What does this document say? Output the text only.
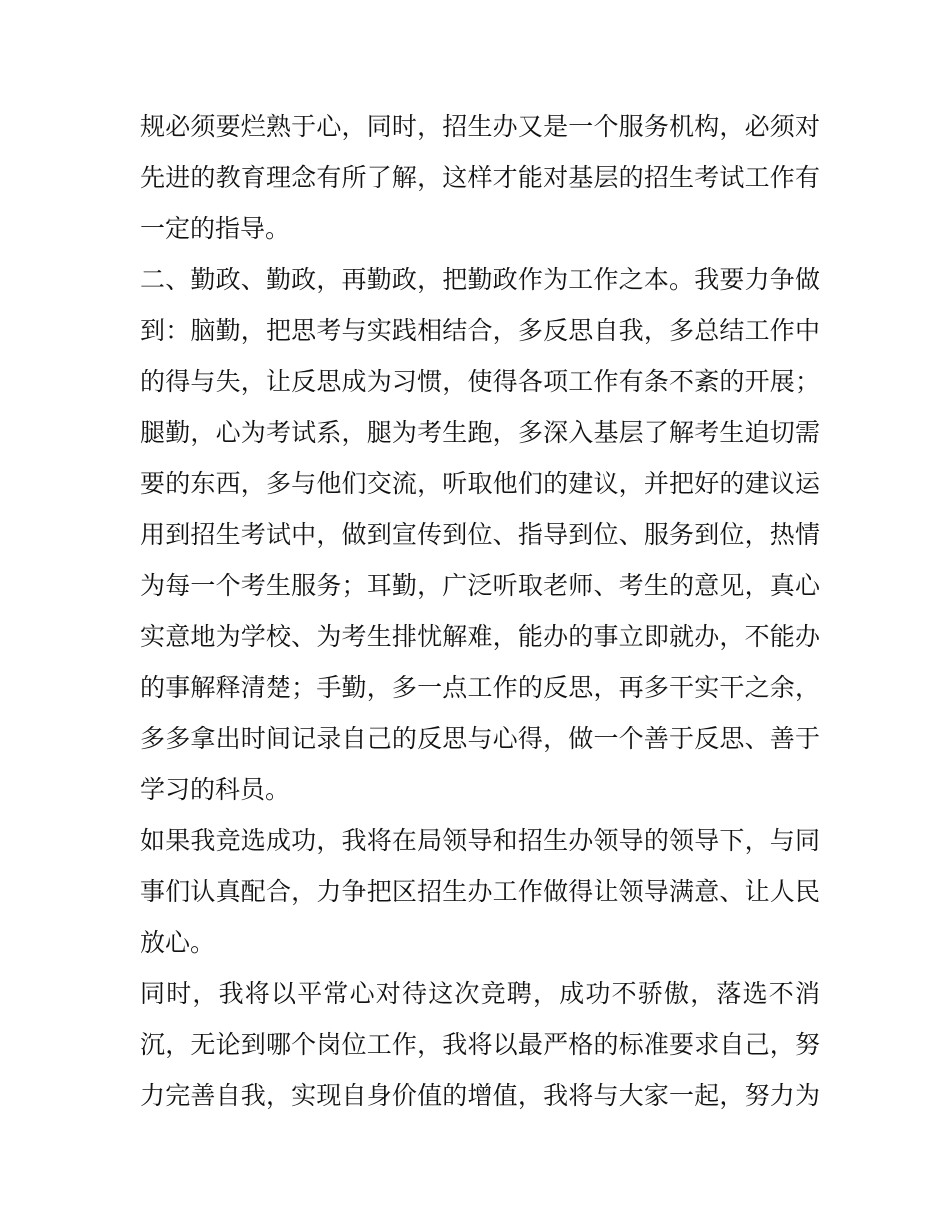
规必须要烂熟于心，同时，招生办又是一个服务机构，必须对
先进的教育理念有所了解，这样才能对基层的招生考试工作有
一定的指导。
二、勤政、勤政，再勤政，把勤政作为工作之本。我要力争做
到：脑勤，把思考与实践相结合，多反思自我，多总结工作中
的得与失，让反思成为习惯，使得各项工作有条不紊的开展；
腿勤，心为考试系，腿为考生跑，多深入基层了解考生迫切需
要的东西，多与他们交流，听取他们的建议，并把好的建议运
用到招生考试中，做到宣传到位、指导到位、服务到位，热情
为每一个考生服务；耳勤，广泛听取老师、考生的意见，真心
实意地为学校、为考生排忧解难，能办的事立即就办，不能办
的事解释清楚；手勤，多一点工作的反思，再多干实干之余，
多多拿出时间记录自己的反思与心得，做一个善于反思、善于
学习的科员。
如果我竞选成功，我将在局领导和招生办领导的领导下，与同
事们认真配合，力争把区招生办工作做得让领导满意、让人民
放心。
同时，我将以平常心对待这次竞聘，成功不骄傲，落选不消
沉，无论到哪个岗位工作，我将以最严格的标准要求自己，努
力完善自我，实现自身价值的增值，我将与大家一起，努力为
